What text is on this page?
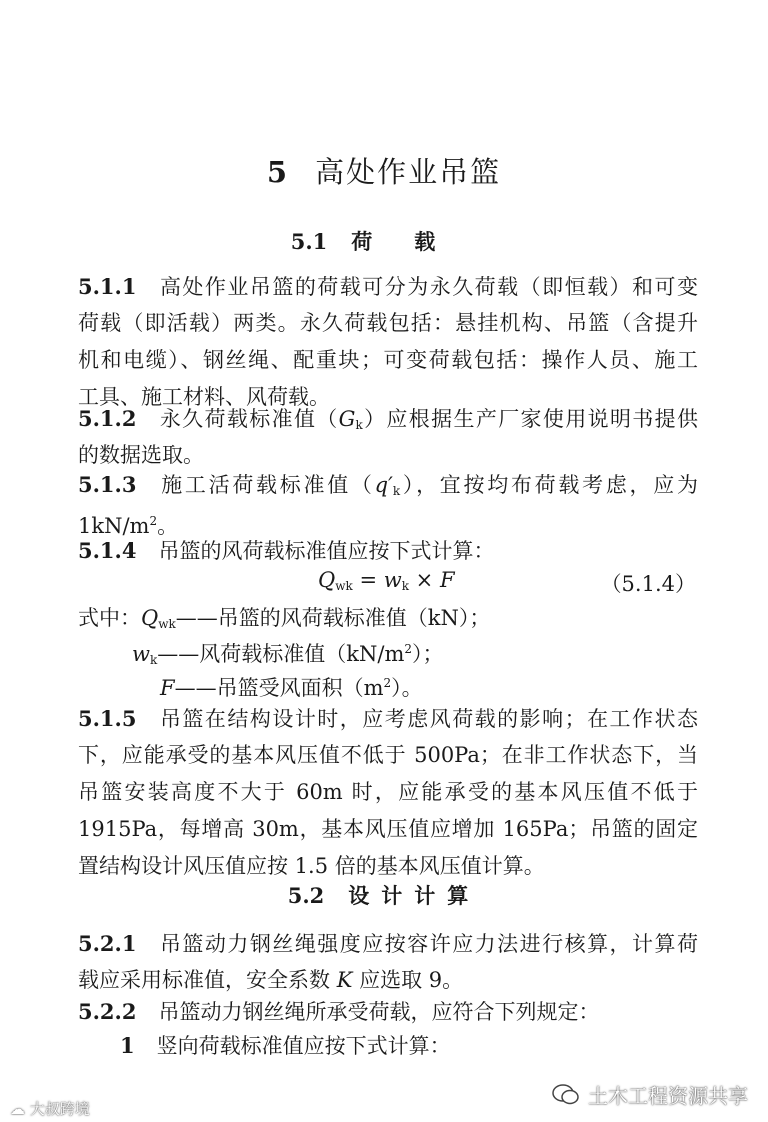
5 高处作业吊篮
5.1 荷载
5.1.1 高处作业吊篮的荷载可分为永久荷载（即恒载）和可变
荷载（即活载）两类。永久荷载包括：悬挂机构、吊篮（含提升
机和电缆）、钢丝绳、配重块；可变荷载包括：操作人员、施工
工具、施工材料、风荷载。
5.1.2 永久荷载标准值$(G_k)$应根据生产厂家使用说明书提供
的数据选取。
5.1.3 施工活荷载标准值$(q'_k)$，宜按均布荷载考虑，应为
$1kN/m^2$。
5.1.4 吊篮的风荷载标准值应按下式计算：
$Q_{wk} = w_k \times F$	（5.1.4）
式中：$Q_{wk}——$吊篮的风荷载标准值（kN）；
$w_k——$风荷载标准值$(kN/m^2)$；
F——吊篮受风面积$(m^2)$。
5.1.5 吊篮在结构设计时，应考虑风荷载的影响；在工作状态
下，应能承受的基本风压值不低于 500Pa；在非工作状态下，当
吊篮安装高度不大于 60m 时，应能承受的基本风压值不低于
1915Pa，每增高 30m，基本风压值应增加 165Pa；吊篮的固定
置结构设计风压值应按 1.5 倍的基本风压值计算。
5.2 设计计算
5.2.1 吊篮动力钢丝绳强度应按容许应力法进行核算，计算荷
载应采用标准值，安全系数 K 应选取 9。
5.2.2 吊篮动力钢丝绳所承受荷载，应符合下列规定：
1 竖向荷载标准值应按下式计算：
☁ 大叔跨境
土木工程资源共享
